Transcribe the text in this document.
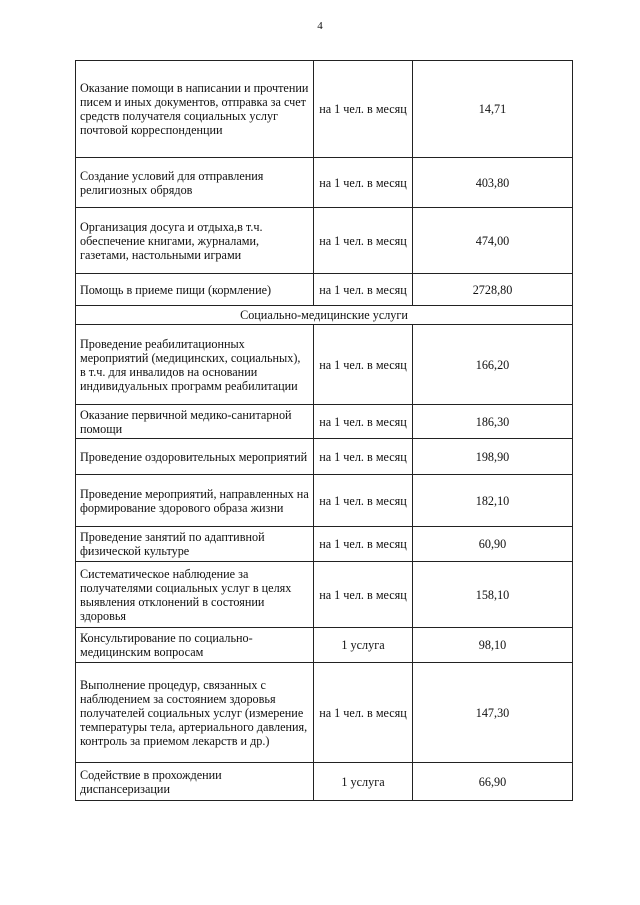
4
Оказание помощи в написании и прочтении писем и иных документов, отправка за счет средств получателя социальных услуг почтовой корреспонденции	на 1 чел. в месяц	14,71
Создание условий для отправления религиозных обрядов	на 1 чел. в месяц	403,80
Организация досуга и отдыха,в т.ч. обеспечение книгами, журналами, газетами, настольными играми	на 1 чел. в месяц	474,00
Помощь в приеме пищи (кормление)	на 1 чел. в месяц	2728,80
Социально-медицинские услуги		
Проведение реабилитационных мероприятий (медицинских, социальных), в т.ч. для инвалидов на основании индивидуальных программ реабилитации	на 1 чел. в месяц	166,20
Оказание первичной медико-санитарной помощи	на 1 чел. в месяц	186,30
Проведение оздоровительных мероприятий	на 1 чел. в месяц	198,90
Проведение мероприятий, направленных на формирование здорового образа жизни	на 1 чел. в месяц	182,10
Проведение занятий по адаптивной физической культуре	на 1 чел. в месяц	60,90
Систематическое наблюдение за получателями социальных услуг в целях выявления отклонений в состоянии здоровья	на 1 чел. в месяц	158,10
Консультирование по социально-медицинским вопросам	1 услуга	98,10
Выполнение процедур, связанных с наблюдением за состоянием здоровья получателей социальных услуг (измерение температуры тела, артериального давления, контроль за приемом лекарств и др.)	на 1 чел. в месяц	147,30
Содействие в прохождении диспансеризации	1 услуга	66,90
